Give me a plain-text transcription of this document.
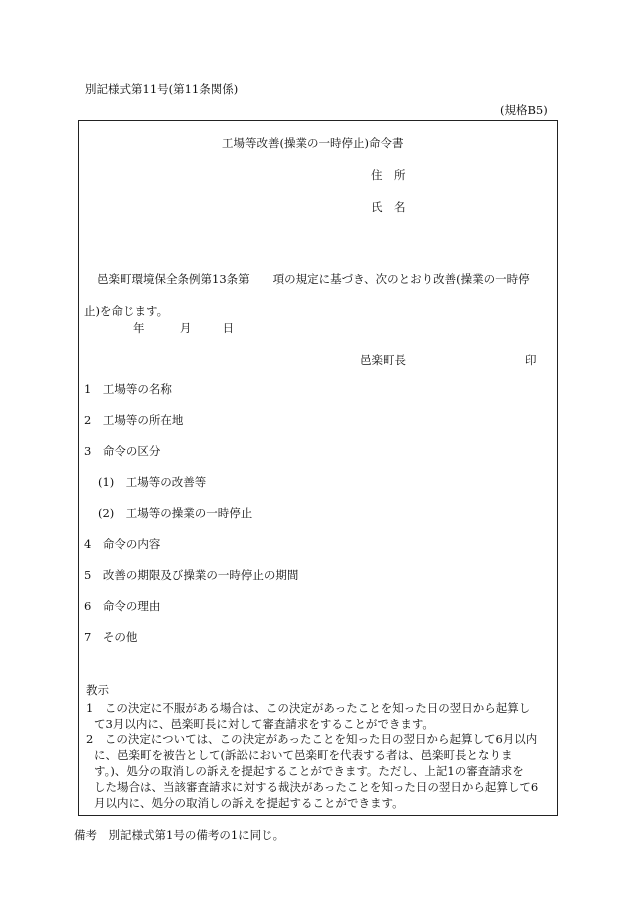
別記様式第11号(第11条関係)
(規格B5)
工場等改善(操業の一時停止)命令書
住　所
氏　名
邑楽町環境保全条例第13条第　　項の規定に基づき、次のとおり改善(操業の一時停
止)を命じます。
年	月	日
邑楽町長	印
1　工場等の名称
2　工場等の所在地
3　命令の区分
(1)　工場等の改善等
(2)　工場等の操業の一時停止
4　命令の内容
5　改善の期限及び操業の一時停止の期間
6　命令の理由
7　その他
教示
1　この決定に不服がある場合は、この決定があったことを知った日の翌日から起算し
て3月以内に、邑楽町長に対して審査請求をすることができます。
2　この決定については、この決定があったことを知った日の翌日から起算して6月以内
に、邑楽町を被告として(訴訟において邑楽町を代表する者は、邑楽町長となりま
す。)、処分の取消しの訴えを提起することができます。ただし、上記1の審査請求を
した場合は、当該審査請求に対する裁決があったことを知った日の翌日から起算して6
月以内に、処分の取消しの訴えを提起することができます。
備考　別記様式第1号の備考の1に同じ。
